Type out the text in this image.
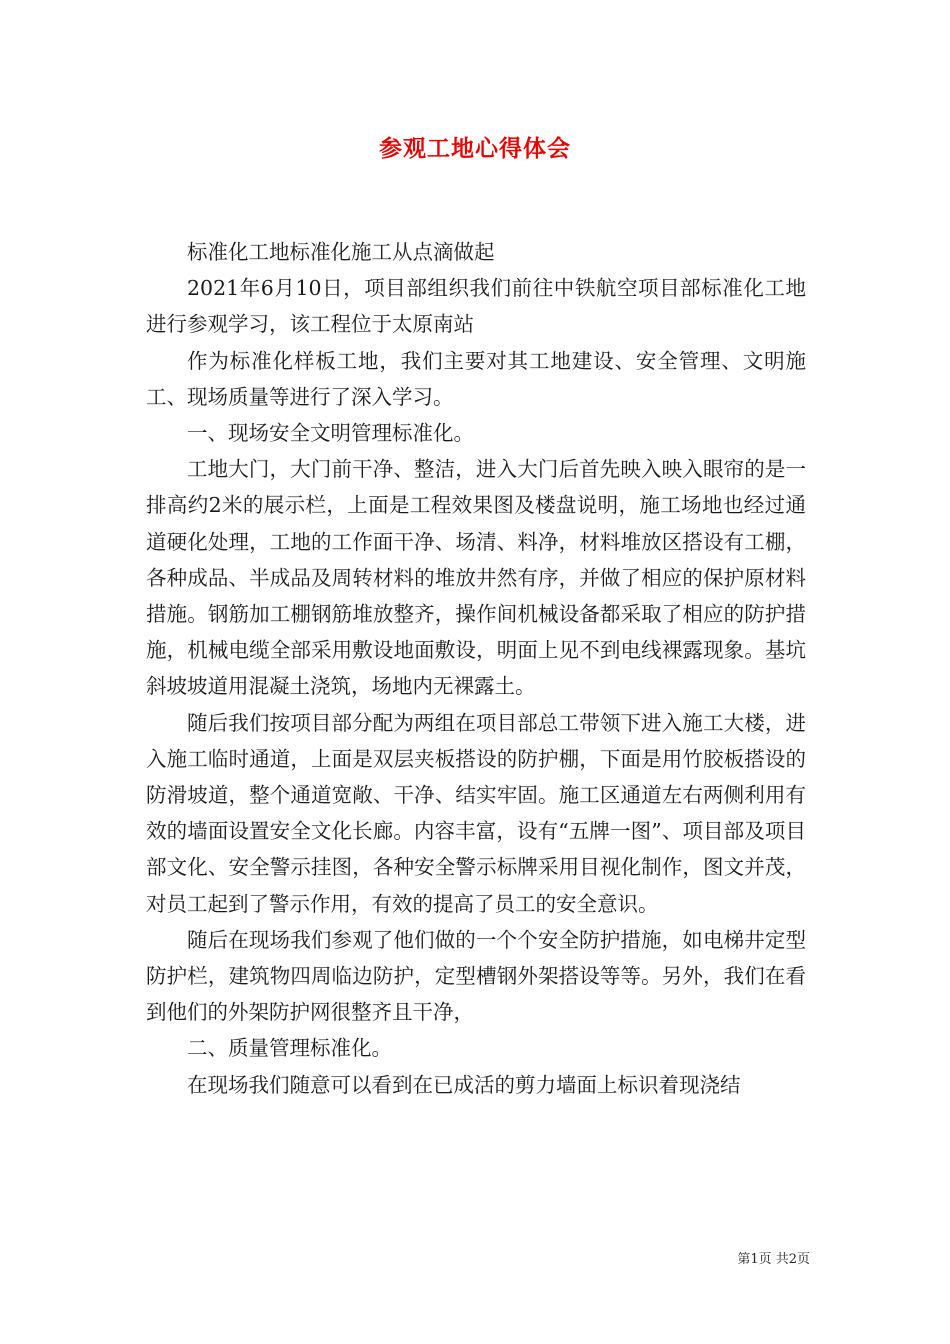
参观工地心得体会

标准化工地标准化施工从点滴做起

2021年6月10日，项目部组织我们前往中铁航空项目部标准化工地进行参观学习，该工程位于太原南站

作为标准化样板工地，我们主要对其工地建设、安全管理、文明施工、现场质量等进行了深入学习。

一、现场安全文明管理标准化。

工地大门，大门前干净、整洁，进入大门后首先映入映入眼帘的是一排高约2米的展示栏，上面是工程效果图及楼盘说明，施工场地也经过通道硬化处理，工地的工作面干净、场清、料净，材料堆放区搭设有工棚，各种成品、半成品及周转材料的堆放井然有序，并做了相应的保护原材料措施。钢筋加工棚钢筋堆放整齐，操作间机械设备都采取了相应的防护措施，机械电缆全部采用敷设地面敷设，明面上见不到电线裸露现象。基坑斜坡坡道用混凝土浇筑，场地内无裸露土。

随后我们按项目部分配为两组在项目部总工带领下进入施工大楼，进入施工临时通道，上面是双层夹板搭设的防护棚，下面是用竹胶板搭设的防滑坡道，整个通道宽敞、干净、结实牢固。施工区通道左右两侧利用有效的墙面设置安全文化长廊。内容丰富，设有“五牌一图”、项目部及项目部文化、安全警示挂图，各种安全警示标牌采用目视化制作，图文并茂，对员工起到了警示作用，有效的提高了员工的安全意识。

随后在现场我们参观了他们做的一个个安全防护措施，如电梯井定型防护栏，建筑物四周临边防护，定型槽钢外架搭设等等。另外，我们在看到他们的外架防护网很整齐且干净，

二、质量管理标准化。

在现场我们随意可以看到在已成活的剪力墙面上标识着现浇结

第1页 共2页
